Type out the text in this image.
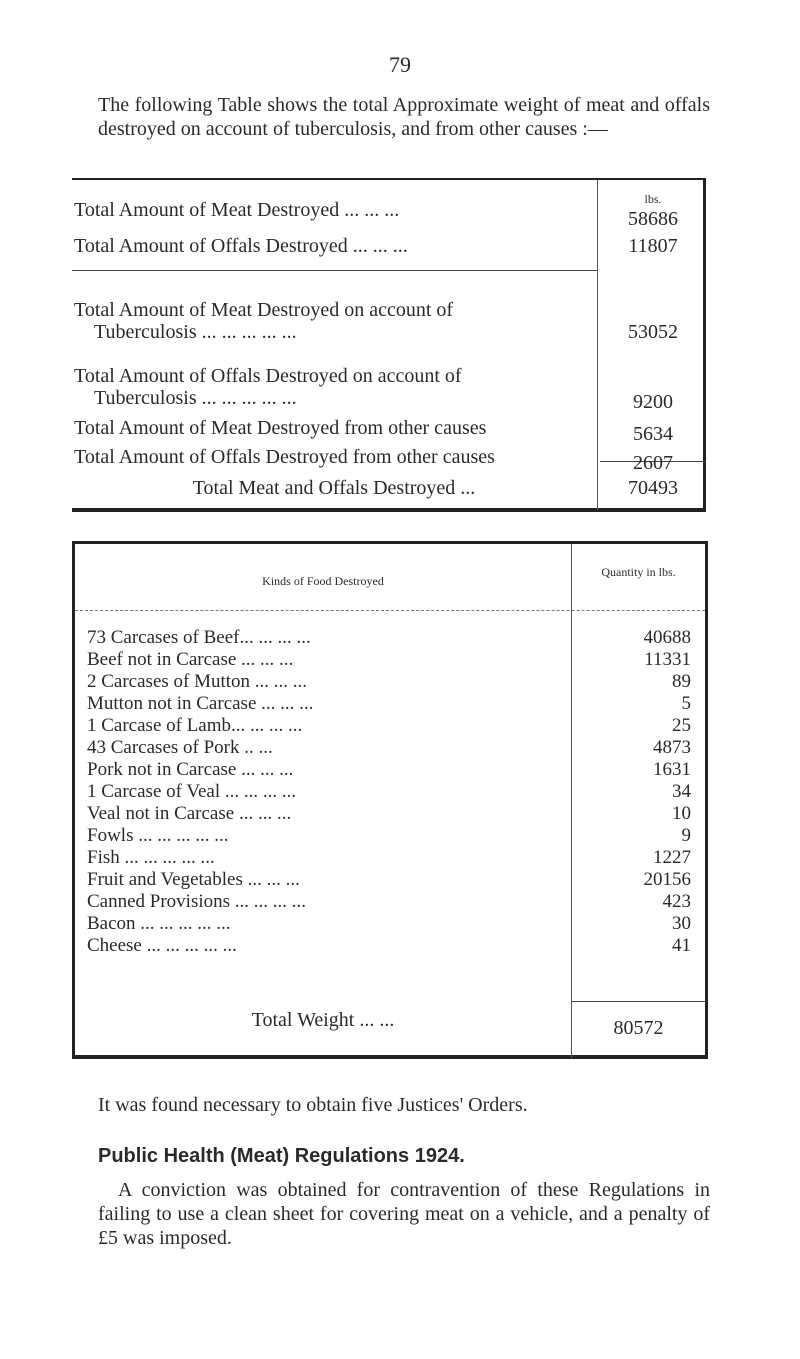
79
The following Table shows the total Approximate weight of meat and offals destroyed on account of tuberculosis, and from other causes :—
lbs.
Total Amount of Meat Destroyed ... ... ...	58686
Total Amount of Offals Destroyed ... ... ...	11807
Total Amount of Meat Destroyed on account of
Tuberculosis ... ... ... ... ...	53052
Total Amount of Offals Destroyed on account of
Tuberculosis ... ... ... ... ...	9200
Total Amount of Meat Destroyed from other causes	5634
Total Amount of Offals Destroyed from other causes	2607
Total Meat and Offals Destroyed ...	70493
Kinds of Food Destroyed
Quantity in lbs.
73 Carcases of Beef... ... ... ...	40688
Beef not in Carcase ... ... ...	11331
2 Carcases of Mutton ... ... ...	89
Mutton not in Carcase ... ... ...	5
1 Carcase of Lamb... ... ... ...	25
43 Carcases of Pork .. ...	4873
Pork not in Carcase ... ... ...	1631
1 Carcase of Veal ... ... ... ...	34
Veal not in Carcase ... ... ...	10
Fowls ... ... ... ... ...	9
Fish ... ... ... ... ...	1227
Fruit and Vegetables ... ... ...	20156
Canned Provisions ... ... ... ...	423
Bacon ... ... ... ... ...	30
Cheese ... ... ... ... ...	41
Total Weight ... ...	80572
It was found necessary to obtain five Justices' Orders.
Public Health (Meat) Regulations 1924.
A conviction was obtained for contravention of these Regulations in failing to use a clean sheet for covering meat on a vehicle, and a penalty of £5 was imposed.
